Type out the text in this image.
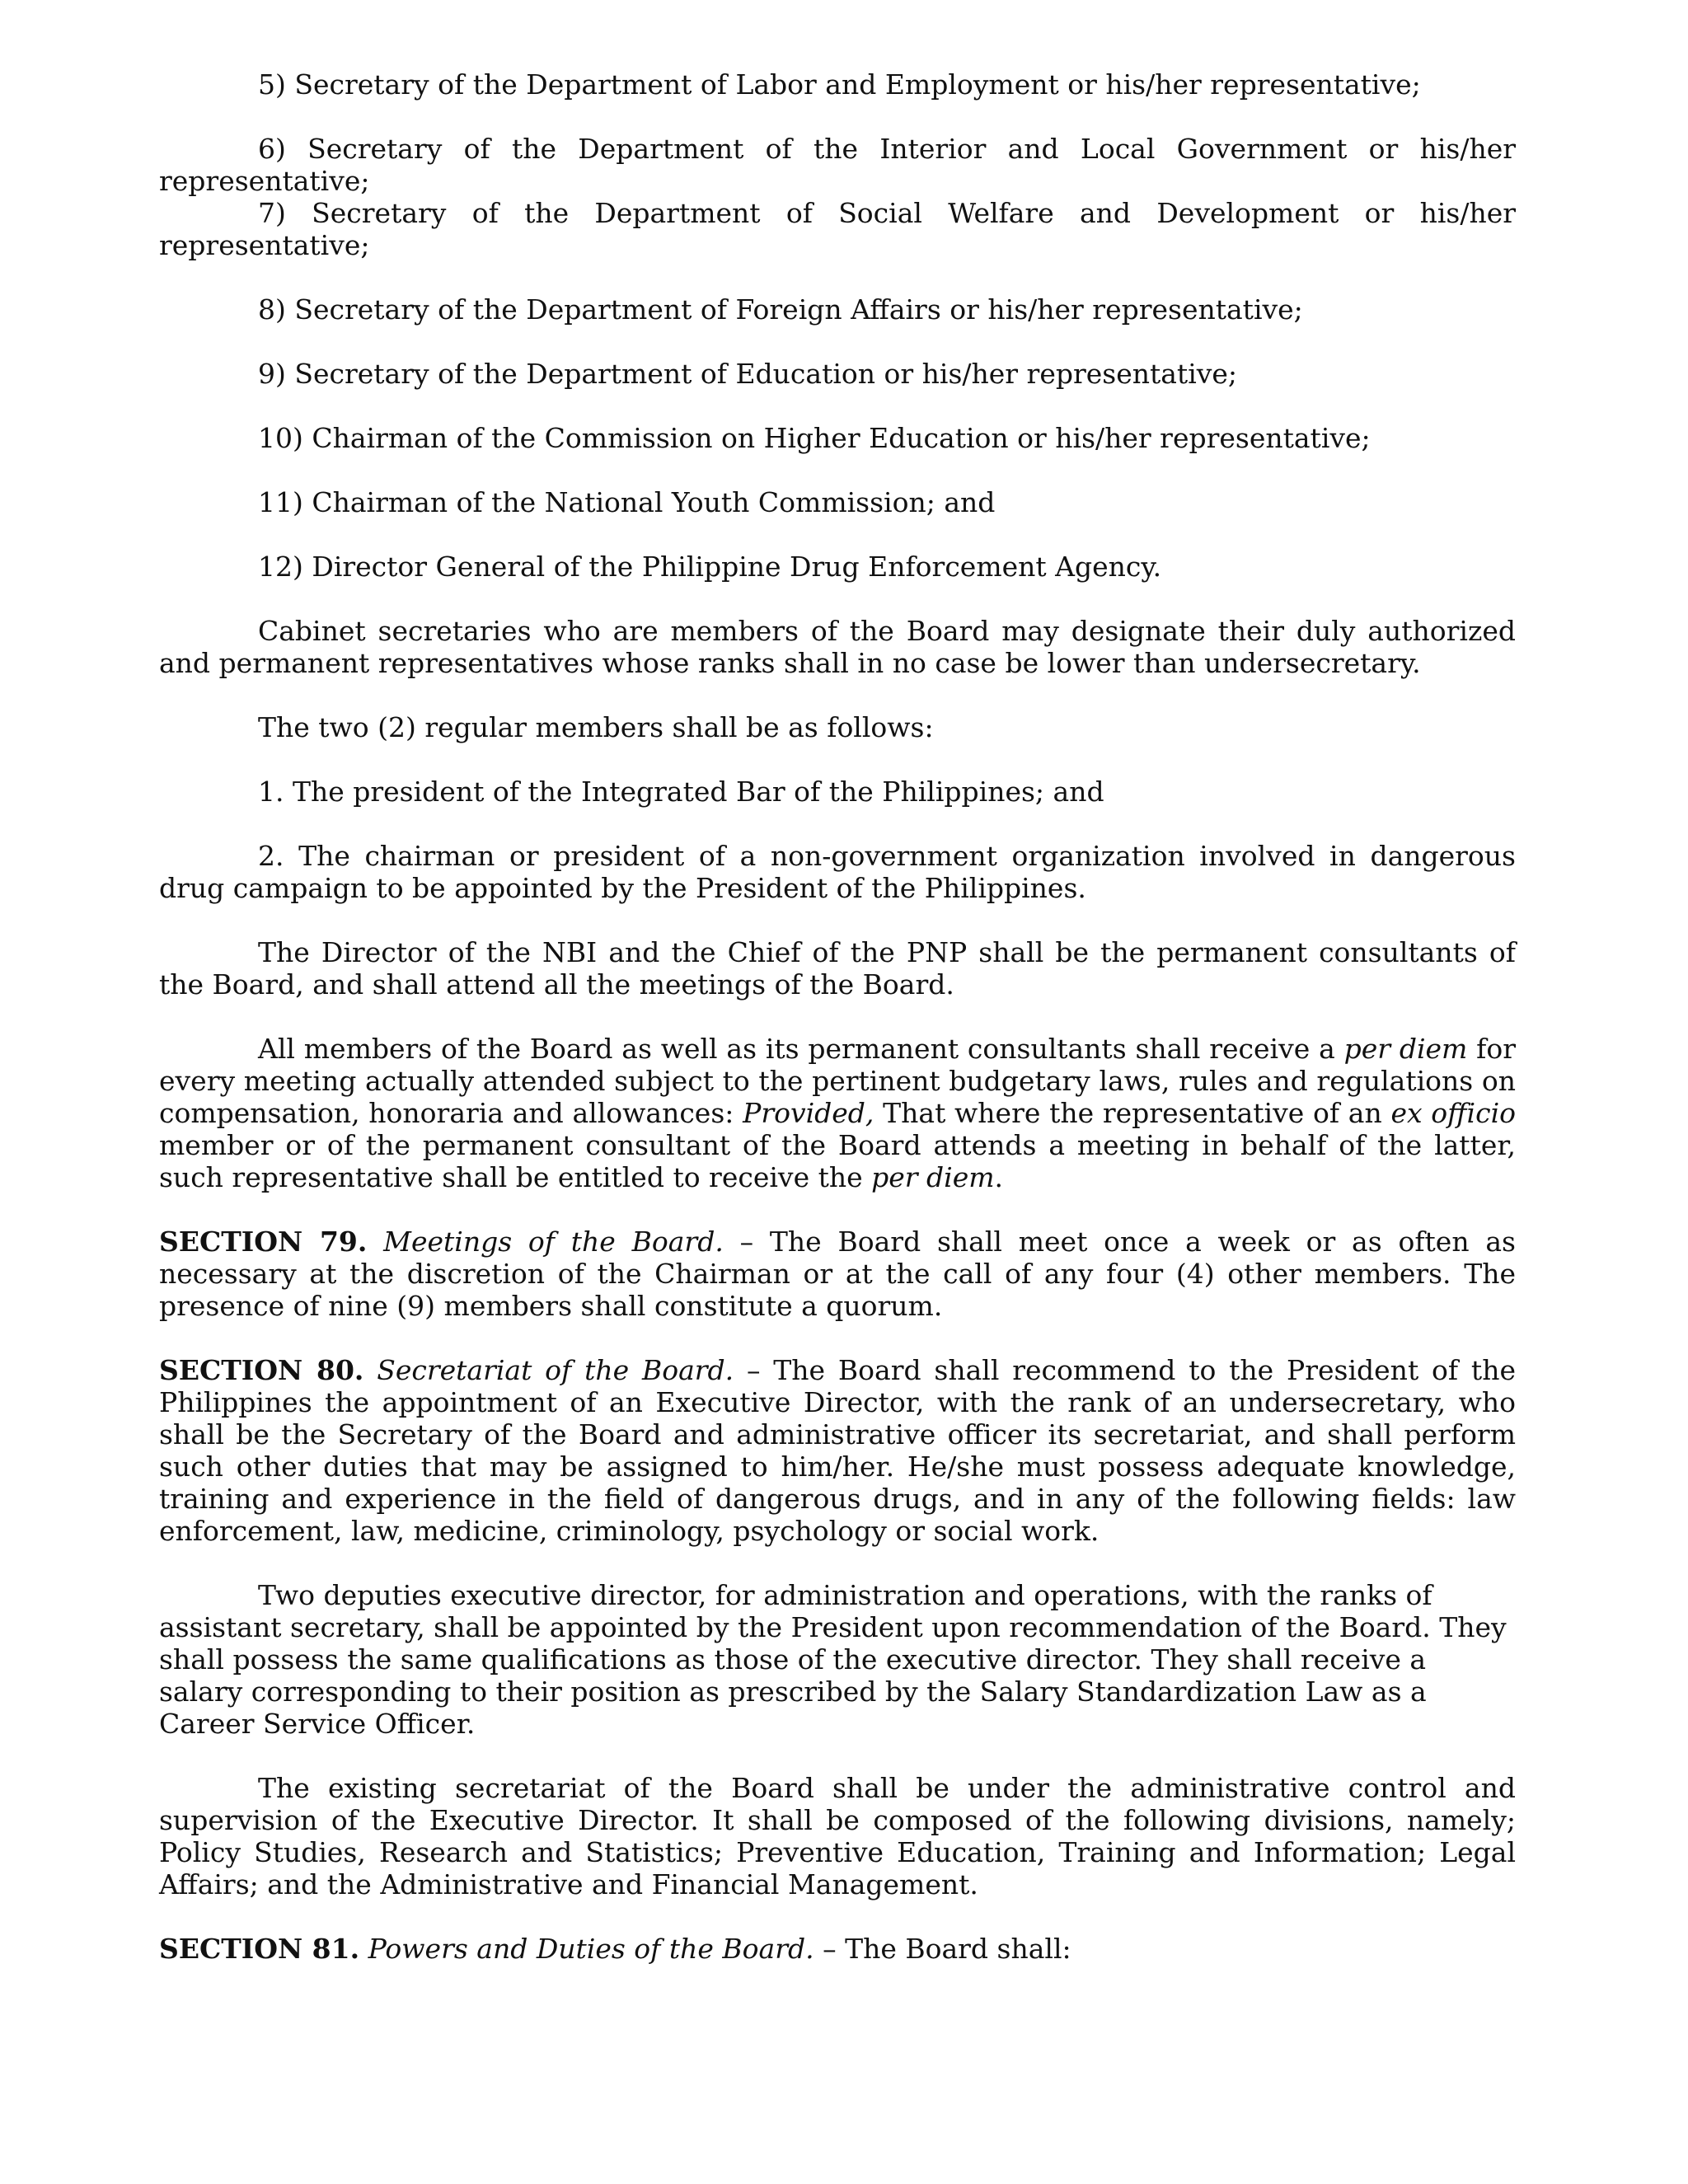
5) Secretary of the Department of Labor and Employment or his/her representative;
6) Secretary of the Department of the Interior and Local Government or his/her representative;
7) Secretary of the Department of Social Welfare and Development or his/her representative;
8) Secretary of the Department of Foreign Affairs or his/her representative;
9) Secretary of the Department of Education or his/her representative;
10) Chairman of the Commission on Higher Education or his/her representative;
11) Chairman of the National Youth Commission; and
12) Director General of the Philippine Drug Enforcement Agency.

Cabinet secretaries who are members of the Board may designate their duly authorized and permanent representatives whose ranks shall in no case be lower than undersecretary.

The two (2) regular members shall be as follows:

1. The president of the Integrated Bar of the Philippines; and

2. The chairman or president of a non-government organization involved in dangerous drug campaign to be appointed by the President of the Philippines.

The Director of the NBI and the Chief of the PNP shall be the permanent consultants of the Board, and shall attend all the meetings of the Board.

All members of the Board as well as its permanent consultants shall receive a per diem for every meeting actually attended subject to the pertinent budgetary laws, rules and regulations on compensation, honoraria and allowances: Provided, That where the representative of an ex officio member or of the permanent consultant of the Board attends a meeting in behalf of the latter, such representative shall be entitled to receive the per diem.

SECTION 79. Meetings of the Board. – The Board shall meet once a week or as often as necessary at the discretion of the Chairman or at the call of any four (4) other members. The presence of nine (9) members shall constitute a quorum.

SECTION 80. Secretariat of the Board. – The Board shall recommend to the President of the Philippines the appointment of an Executive Director, with the rank of an undersecretary, who shall be the Secretary of the Board and administrative officer its secretariat, and shall perform such other duties that may be assigned to him/her. He/she must possess adequate knowledge, training and experience in the field of dangerous drugs, and in any of the following fields: law enforcement, law, medicine, criminology, psychology or social work.

Two deputies executive director, for administration and operations, with the ranks of assistant secretary, shall be appointed by the President upon recommendation of the Board. They shall possess the same qualifications as those of the executive director. They shall receive a salary corresponding to their position as prescribed by the Salary Standardization Law as a Career Service Officer.

The existing secretariat of the Board shall be under the administrative control and supervision of the Executive Director. It shall be composed of the following divisions, namely; Policy Studies, Research and Statistics; Preventive Education, Training and Information; Legal Affairs; and the Administrative and Financial Management.

SECTION 81. Powers and Duties of the Board. – The Board shall:
